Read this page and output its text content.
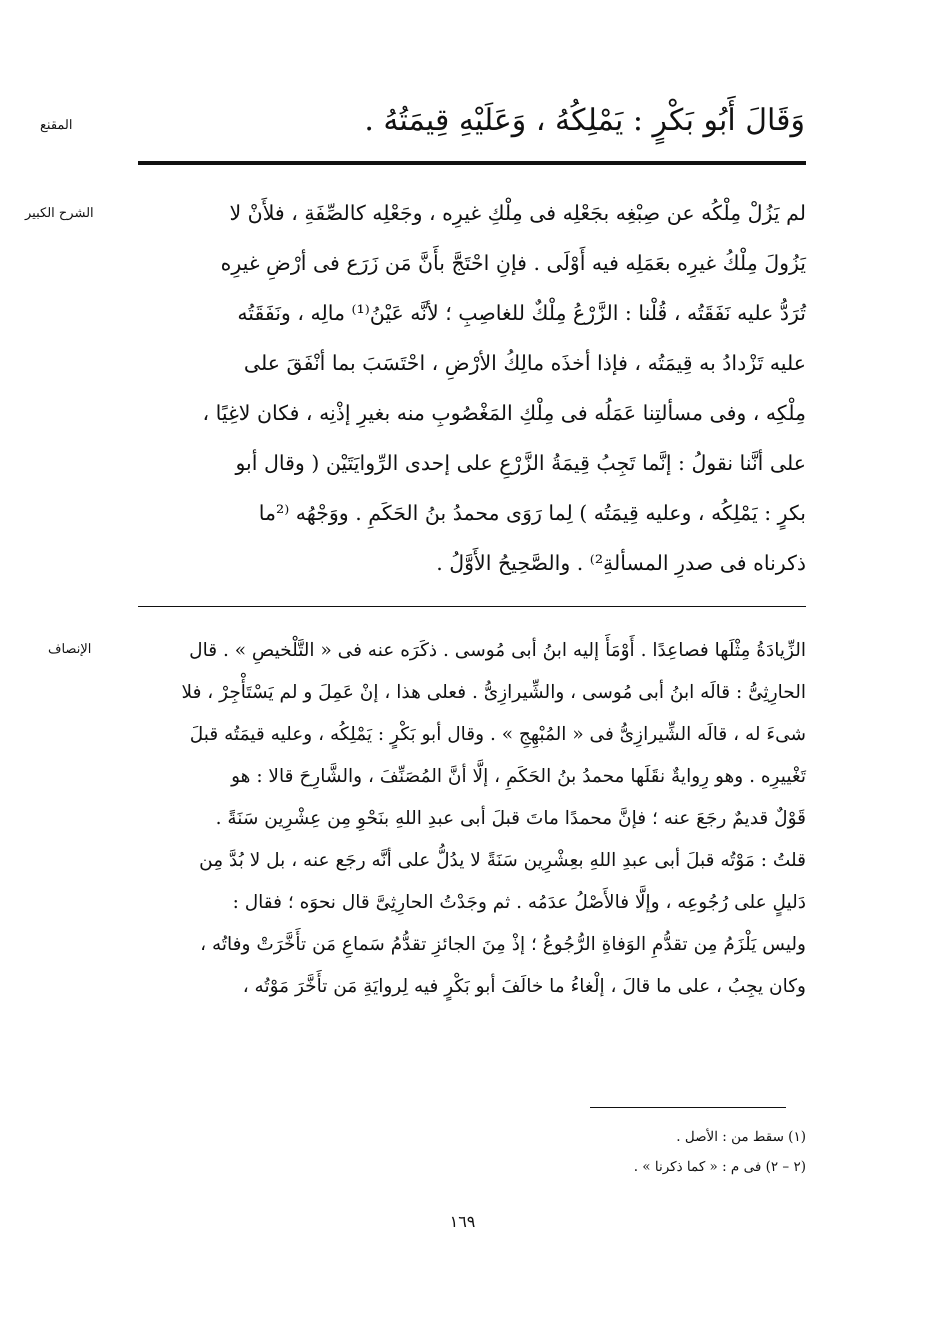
المقنع
الشرح الكبير
الإنصاف
وَقَالَ أَبُو بَكْرٍ : يَمْلِكُهُ ، وَعَلَيْهِ قِيمَتُهُ .
لم يَزُلْ مِلْكُه عن صِبْغِه بجَعْلِه فى مِلْكِ غيرِه ، وجَعْلِه كالصِّفَةِ ، فلأَنْ لا
يَزُولَ مِلْكُ غيرِه بعَمَلِه فيه أَوْلَى . فإنِ احْتَجَّ بأَنَّ مَن زَرَع فى أرْضِ غيرِه
تُرَدُّ عليه نَفَقَتُه ، قُلْنا : الزَّرْعُ مِلْكٌ للغاصِبِ ؛ لأنَّه عَيْنُ⁽¹⁾ مالِه ، ونَفَقَتُه
عليه تَزْدادُ به قِيمَتُه ، فإذا أخذَه مالِكُ الأرْضِ ، احْتَسَبَ بما أنْفَقَ على
مِلْكِه ، وفى مسألتِنا عَمَلُه فى مِلْكِ المَغْصُوبِ منه بغيرِ إذْنِه ، فكان لاغِيًا ،
على أنَّنا نقولُ : إنَّما تَجِبُ قِيمَةُ الزَّرْعِ على إحدى الرِّوايَتَيْن ( وقال أبو
بكرٍ : يَمْلِكُه ، وعليه قِيمَتُه ) لِما رَوَى محمدُ بنُ الحَكَمِ . ووَجْهُه ⁽²ما
ذكرناه فى صدرِ المسألةِ²⁾ . والصَّحِيحُ الأَوَّلُ .
الزِّيادَةُ مِثْلَها فصاعِدًا . أَوْمَأَ إليه ابنُ أبى مُوسى . ذكَرَه عنه فى « التَّلْخيصِ » . قال
الحارِثِىُّ : قالَه ابنُ أبى مُوسى ، والشِّيرازِىُّ . فعلى هذا ، إنْ عَمِلَ و لم يَسْتَأْجِرْ ، فلا
شىءَ له ، قالَه الشِّيرازِىُّ فى « المُبْهِجِ » . وقال أبو بَكْرٍ : يَمْلِكُه ، وعليه قيمَتُه قبلَ
تَغْييرِه . وهو رِوايةٌ نقَلَها محمدُ بنُ الحَكَمِ ، إلَّا أنَّ المُصَنِّفَ ، والشَّارِحَ قالا : هو
قَوْلٌ قديمٌ رجَعَ عنه ؛ فإنَّ محمدًا ماتَ قبلَ أبى عبدِ اللهِ بنَحْوِ مِن عِشْرِين سَنَةً .
قلتُ : مَوْتُه قبلَ أبى عبدِ اللهِ بعِشْرِين سَنَةً لا يدُلُّ على أنَّه رجَع عنه ، بل لا بُدَّ مِن
دَليلٍ على رُجُوعِه ، وإلَّا فالأَصْلُ عدَمُه . ثم وجَدْتُ الحارِثِىَّ قال نحوَه ؛ فقال :
وليس يَلْزَمُ مِن تقدُّمِ الوَفاةِ الرُّجُوعُ ؛ إذْ مِنَ الجائزِ تقدُّمُ سَماعِ مَن تأَخَّرَتْ وفاتُه ،
وكان يجِبُ ، على ما قالَ ، إلْغاءُ ما خالَفَ أبو بَكْرٍ فيه لِروايَةِ مَن تأَخَّرَ مَوْتُه ،
(١) سقط من : الأصل .
(٢ – ٢) فى م : « كما ذكرنا » .
١٦٩
